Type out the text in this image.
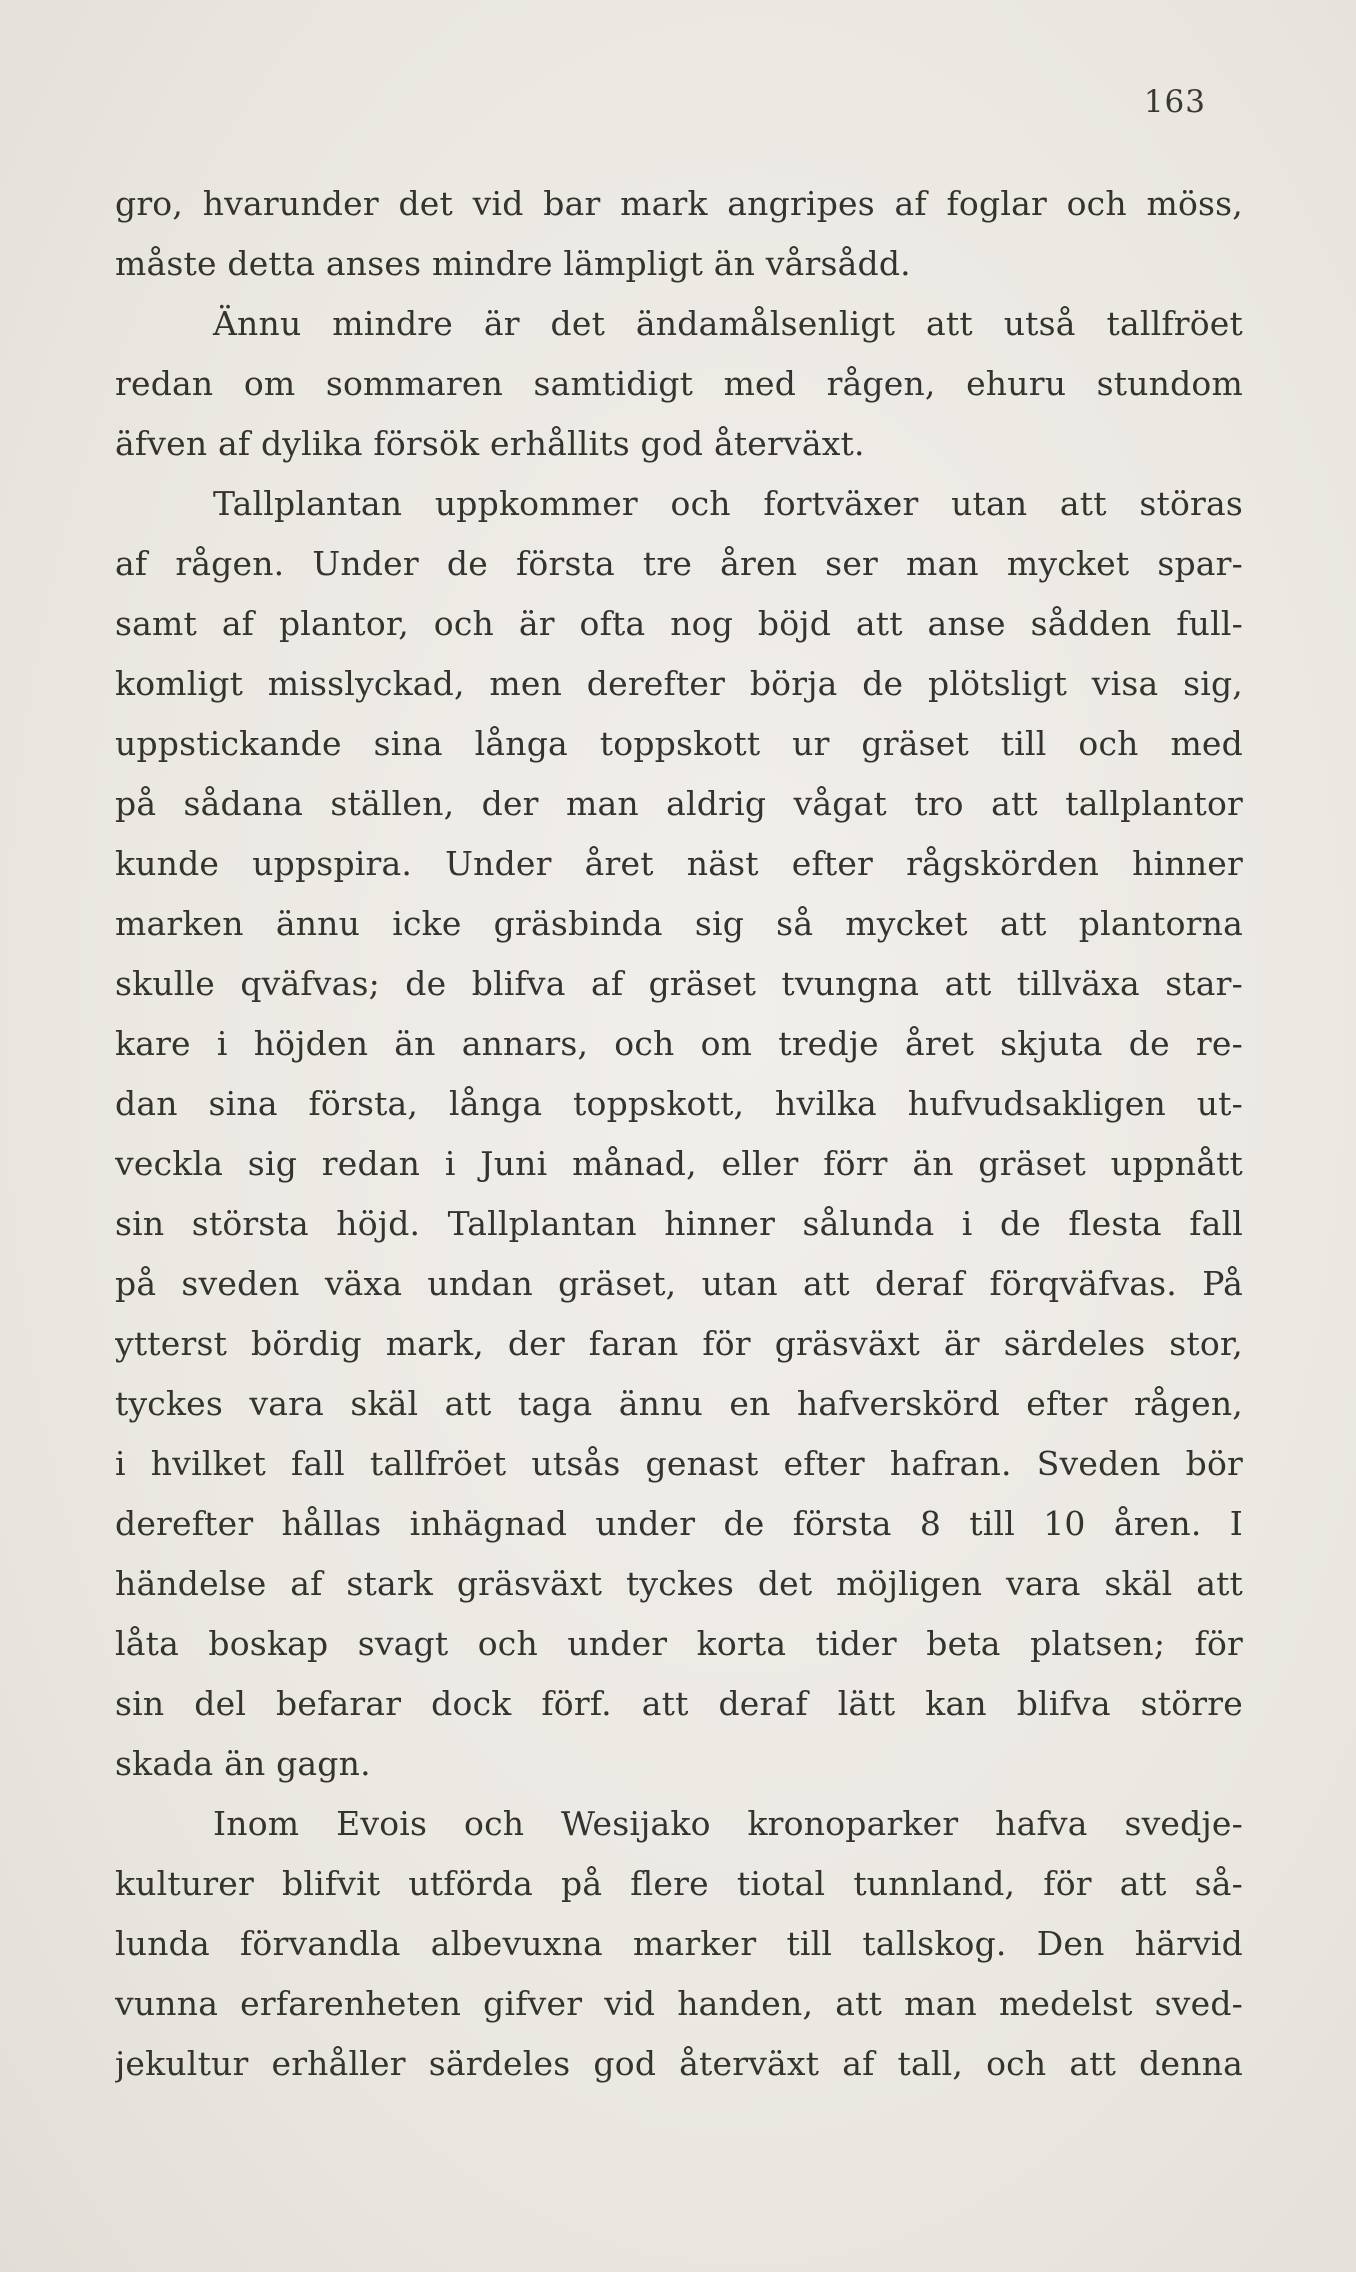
163
gro, hvarunder det vid bar mark angripes af foglar och möss,
måste detta anses mindre lämpligt än vårsådd.
Ännu mindre är det ändamålsenligt att utså tallfröet
redan om sommaren samtidigt med rågen, ehuru stundom
äfven af dylika försök erhållits god återväxt.
Tallplantan uppkommer och fortväxer utan att störas
af rågen. Under de första tre åren ser man mycket spar-
samt af plantor, och är ofta nog böjd att anse sådden full-
komligt misslyckad, men derefter börja de plötsligt visa sig,
uppstickande sina långa toppskott ur gräset till och med
på sådana ställen, der man aldrig vågat tro att tallplantor
kunde uppspira. Under året näst efter rågskörden hinner
marken ännu icke gräsbinda sig så mycket att plantorna
skulle qväfvas; de blifva af gräset tvungna att tillväxa star-
kare i höjden än annars, och om tredje året skjuta de re-
dan sina första, långa toppskott, hvilka hufvudsakligen ut-
veckla sig redan i Juni månad, eller förr än gräset uppnått
sin största höjd. Tallplantan hinner sålunda i de flesta fall
på sveden växa undan gräset, utan att deraf förqväfvas. På
ytterst bördig mark, der faran för gräsväxt är särdeles stor,
tyckes vara skäl att taga ännu en hafverskörd efter rågen,
i hvilket fall tallfröet utsås genast efter hafran. Sveden bör
derefter hållas inhägnad under de första 8 till 10 åren. I
händelse af stark gräsväxt tyckes det möjligen vara skäl att
låta boskap svagt och under korta tider beta platsen; för
sin del befarar dock förf. att deraf lätt kan blifva större
skada än gagn.
Inom Evois och Wesijako kronoparker hafva svedje-
kulturer blifvit utförda på flere tiotal tunnland, för att så-
lunda förvandla albevuxna marker till tallskog. Den härvid
vunna erfarenheten gifver vid handen, att man medelst sved-
jekultur erhåller särdeles god återväxt af tall, och att denna
